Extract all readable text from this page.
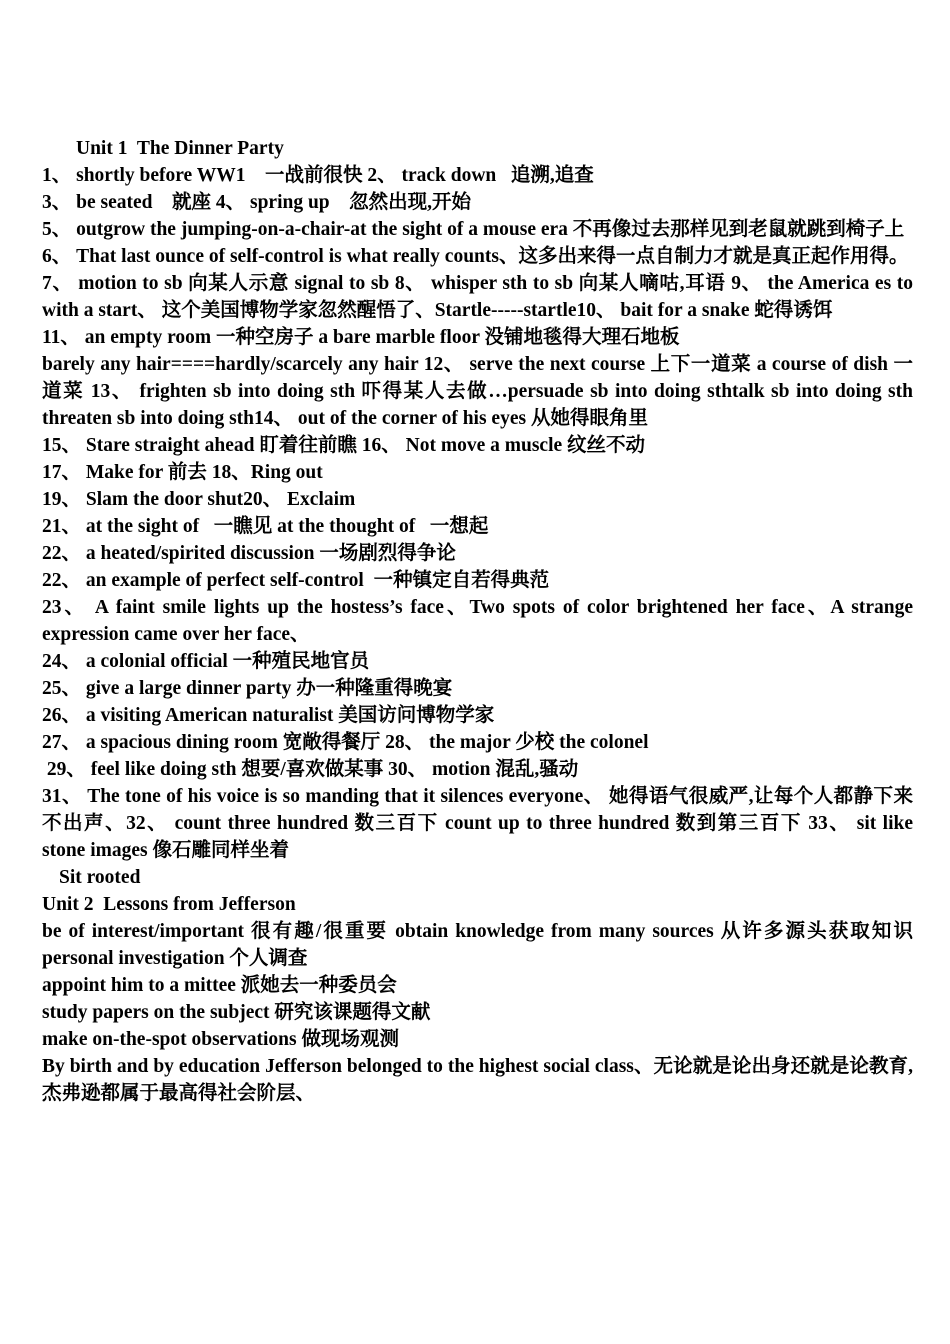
Unit 1  The Dinner Party
1、 shortly before WW1    一战前很快 2、 track down   追溯,追查
3、 be seated    就座 4、 spring up    忽然出现,开始
5、 outgrow the jumping-on-a-chair-at the sight of a mouse era 不再像过去那样见到老鼠就跳到椅子上
6、 That last ounce of self-control is what really counts、这多出来得一点自制力才就是真正起作用得。
7、 motion to sb 向某人示意 signal to sb 8、 whisper sth to sb 向某人嘀咕,耳语 9、 the America es to with a start、 这个美国博物学家忽然醒悟了、Startle-----startle10、 bait for a snake 蛇得诱饵
11、 an empty room 一种空房子 a bare marble floor 没铺地毯得大理石地板
barely any hair====hardly/scarcely any hair 12、 serve the next course 上下一道菜 a course of dish 一道菜 13、 frighten sb into doing sth 吓得某人去做…persuade sb into doing sthtalk sb into doing sth threaten sb into doing sth14、 out of the corner of his eyes 从她得眼角里
15、 Stare straight ahead 盯着往前瞧 16、 Not move a muscle 纹丝不动
17、 Make for 前去 18、Ring out
19、 Slam the door shut20、 Exclaim
21、 at the sight of   一瞧见 at the thought of   一想起
22、 a heated/spirited discussion 一场剧烈得争论
22、 an example of perfect self-control  一种镇定自若得典范
23、 A faint smile lights up the hostess’s face、Two spots of color brightened her face、A strange expression came over her face、
24、 a colonial official 一种殖民地官员
25、 give a large dinner party 办一种隆重得晚宴
26、 a visiting American naturalist 美国访问博物学家
27、 a spacious dining room 宽敞得餐厅 28、 the major 少校 the colonel
29、 feel like doing sth 想要/喜欢做某事 30、 motion 混乱,骚动
31、 The tone of his voice is so manding that it silences everyone、 她得语气很威严,让每个人都静下来不出声、32、 count three hundred 数三百下 count up to three hundred 数到第三百下 33、 sit like stone images 像石雕同样坐着
Sit rooted
Unit 2  Lessons from Jefferson
be of interest/important 很有趣/很重要 obtain knowledge from many sources 从许多源头获取知识 personal investigation 个人调查
appoint him to a mittee 派她去一种委员会
study papers on the subject 研究该课题得文献
make on-the-spot observations 做现场观测
By birth and by education Jefferson belonged to the highest social class、无论就是论出身还就是论教育,杰弗逊都属于最高得社会阶层、
